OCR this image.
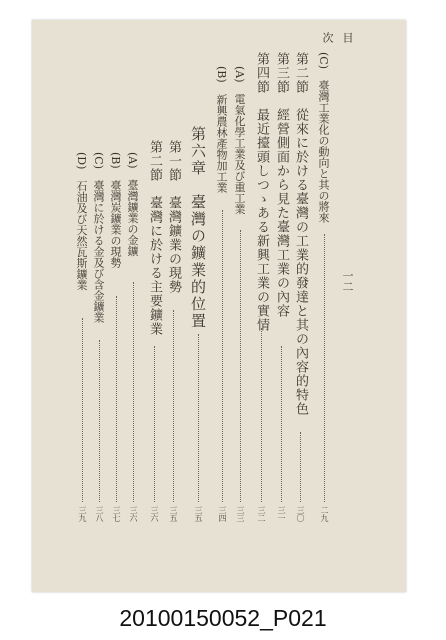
目
次
一二
(C)　臺灣工業化の動向と其の將來
二九
第二節　從來に於ける臺灣の工業的發達と其の內容的特色
三〇
第三節　經營側面から見た臺灣工業の內容
三一
第四節　最近擡頭しつゝある新興工業の實情
三二
(A)　電氣化學工業及び重工業
三三
(B)　新興農林產物加工業
三四
第六章　臺灣の鑛業的位置
三五
第一節　臺灣鑛業の現勢
三五
第二節　臺灣に於ける主要鑛業
三六
(A)　臺灣鑛業の金鑛
三六
(B)　臺灣炭鑛業の現勢
三七
(C)　臺灣に於ける金及び含金鑛業
三八
(D)　石油及び天然瓦斯鑛業
三九
20100150052_P021
